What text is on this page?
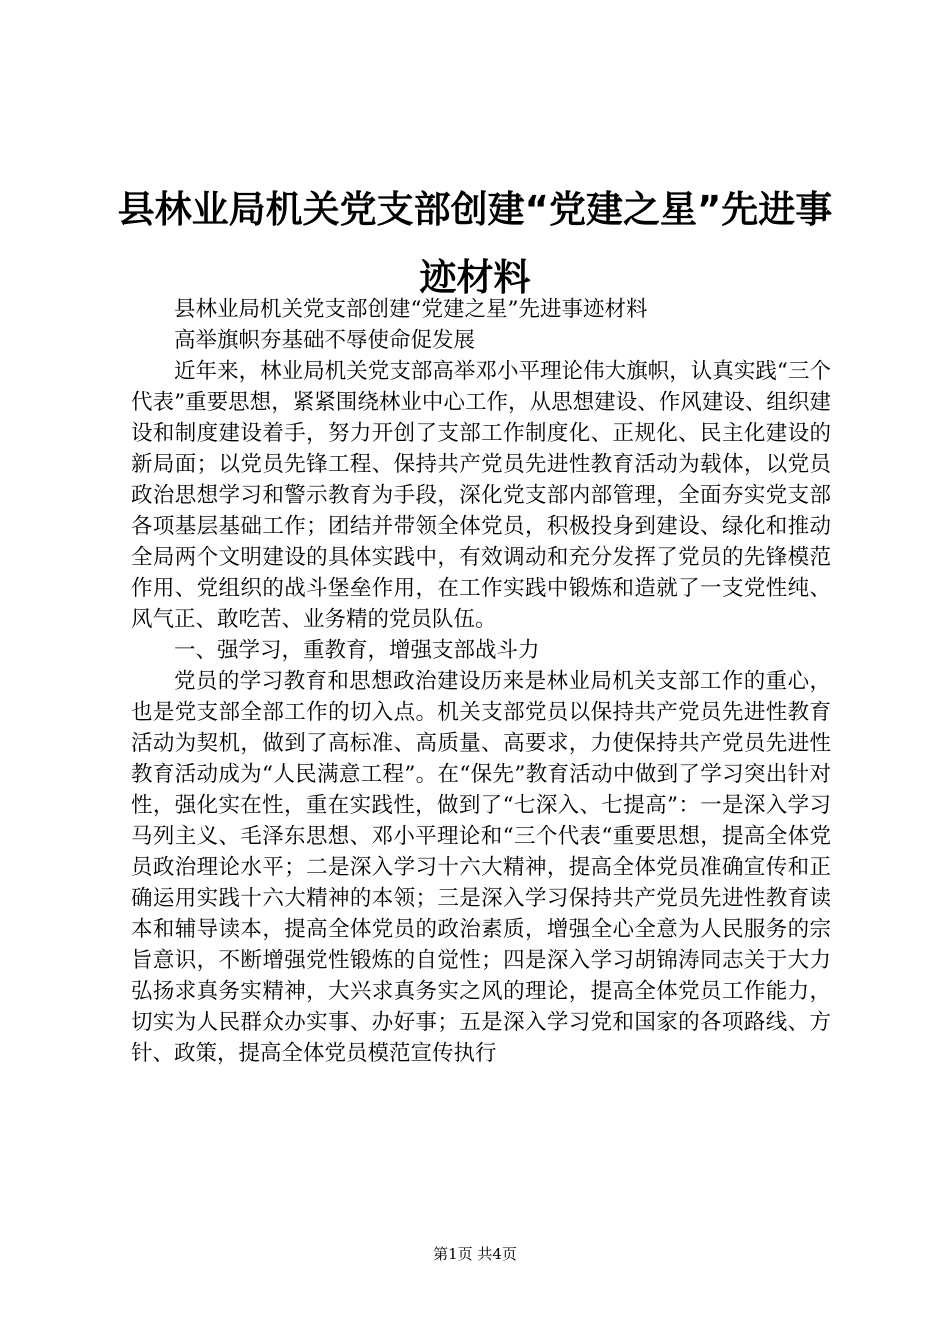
县林业局机关党支部创建“党建之星”先进事迹材料

县林业局机关党支部创建“党建之星”先进事迹材料

高举旗帜夯基础不辱使命促发展

近年来，林业局机关党支部高举邓小平理论伟大旗帜，认真实践“三个代表”重要思想，紧紧围绕林业中心工作，从思想建设、作风建设、组织建设和制度建设着手，努力开创了支部工作制度化、正规化、民主化建设的新局面；以党员先锋工程、保持共产党员先进性教育活动为载体，以党员政治思想学习和警示教育为手段，深化党支部内部管理，全面夯实党支部各项基层基础工作；团结并带领全体党员，积极投身到建设、绿化和推动全局两个文明建设的具体实践中，有效调动和充分发挥了党员的先锋模范作用、党组织的战斗堡垒作用，在工作实践中锻炼和造就了一支党性纯、风气正、敢吃苦、业务精的党员队伍。

一、强学习，重教育，增强支部战斗力

党员的学习教育和思想政治建设历来是林业局机关支部工作的重心，也是党支部全部工作的切入点。机关支部党员以保持共产党员先进性教育活动为契机，做到了高标准、高质量、高要求，力使保持共产党员先进性教育活动成为“人民满意工程”。在“保先”教育活动中做到了学习突出针对性，强化实在性，重在实践性，做到了“七深入、七提高”：一是深入学习马列主义、毛泽东思想、邓小平理论和“三个代表“重要思想，提高全体党员政治理论水平；二是深入学习十六大精神，提高全体党员准确宣传和正确运用实践十六大精神的本领；三是深入学习保持共产党员先进性教育读本和辅导读本，提高全体党员的政治素质，增强全心全意为人民服务的宗旨意识，不断增强党性锻炼的自觉性；四是深入学习胡锦涛同志关于大力弘扬求真务实精神，大兴求真务实之风的理论，提高全体党员工作能力，切实为人民群众办实事、办好事；五是深入学习党和国家的各项路线、方针、政策，提高全体党员模范宣传执行

第1页 共4页
